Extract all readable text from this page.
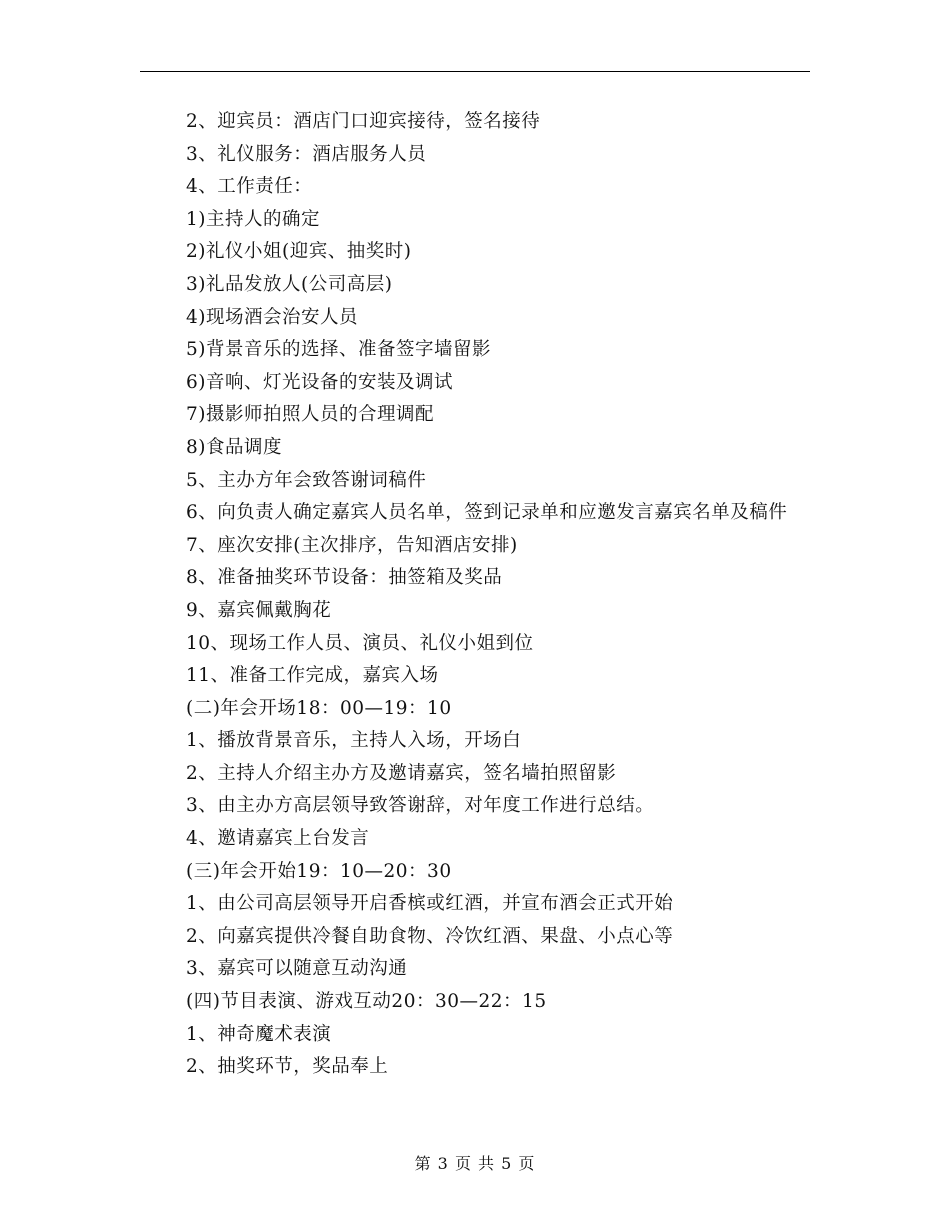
2、迎宾员：酒店门口迎宾接待，签名接待
3、礼仪服务：酒店服务人员
4、工作责任：
1)主持人的确定
2)礼仪小姐(迎宾、抽奖时)
3)礼品发放人(公司高层)
4)现场酒会治安人员
5)背景音乐的选择、准备签字墙留影
6)音响、灯光设备的安装及调试
7)摄影师拍照人员的合理调配
8)食品调度
5、主办方年会致答谢词稿件
6、向负责人确定嘉宾人员名单，签到记录单和应邀发言嘉宾名单及稿件
7、座次安排(主次排序，告知酒店安排)
8、准备抽奖环节设备：抽签箱及奖品
9、嘉宾佩戴胸花
10、现场工作人员、演员、礼仪小姐到位
11、准备工作完成，嘉宾入场
(二)年会开场18：00—19：10
1、播放背景音乐，主持人入场，开场白
2、主持人介绍主办方及邀请嘉宾，签名墙拍照留影
3、由主办方高层领导致答谢辞，对年度工作进行总结。
4、邀请嘉宾上台发言
(三)年会开始19：10—20：30
1、由公司高层领导开启香槟或红酒，并宣布酒会正式开始
2、向嘉宾提供冷餐自助食物、冷饮红酒、果盘、小点心等
3、嘉宾可以随意互动沟通
(四)节目表演、游戏互动20：30—22：15
1、神奇魔术表演
2、抽奖环节，奖品奉上
第 3 页 共 5 页
